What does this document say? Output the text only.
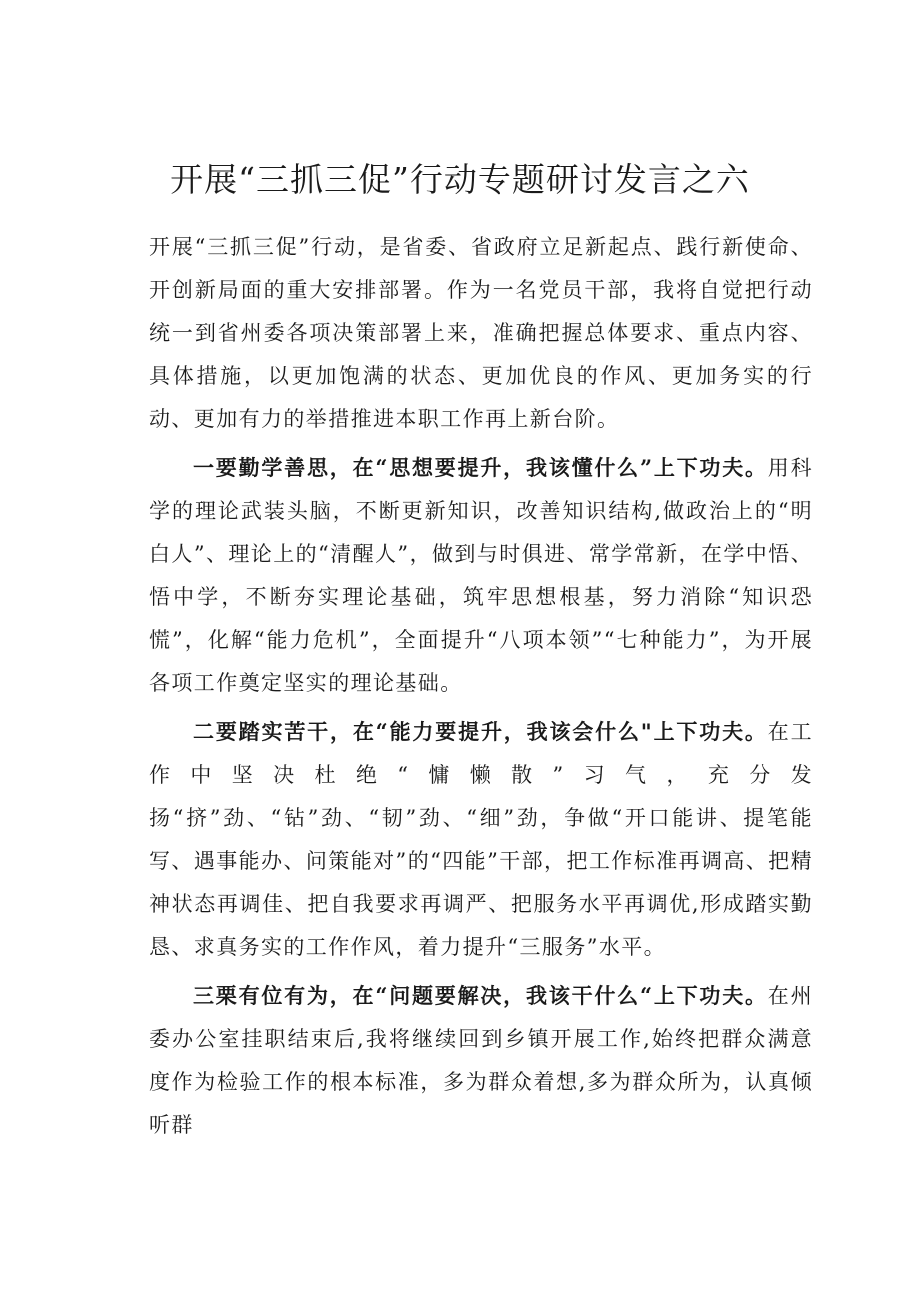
开展“三抓三促”行动专题研讨发言之六

开展“三抓三促”行动，是省委、省政府立足新起点、践行新使命、开创新局面的重大安排部署。作为一名党员干部，我将自觉把行动统一到省州委各项决策部署上来，准确把握总体要求、重点内容、具体措施，以更加饱满的状态、更加优良的作风、更加务实的行动、更加有力的举措推进本职工作再上新台阶。

一要勤学善思，在“思想要提升，我该懂什么”上下功夫。用科学的理论武装头脑，不断更新知识，改善知识结构,做政治上的“明白人”、理论上的“清醒人”，做到与时俱进、常学常新，在学中悟、悟中学，不断夯实理论基础，筑牢思想根基，努力消除“知识恐慌”，化解“能力危机”，全面提升“八项本领”“七种能力”，为开展各项工作奠定坚实的理论基础。

二要踏实苦干，在“能力要提升，我该会什么"上下功夫。在工作中坚决杜绝“慵懒散”习气，充分发扬“挤”劲、“钻”劲、“韧”劲、“细”劲，争做“开口能讲、提笔能写、遇事能办、问策能对”的“四能”干部，把工作标准再调高、把精神状态再调佳、把自我要求再调严、把服务水平再调优,形成踏实勤恳、求真务实的工作作风，着力提升“三服务”水平。

三栗有位有为，在“问题要解决，我该干什么“上下功夫。在州委办公室挂职结束后,我将继续回到乡镇开展工作,始终把群众满意度作为检验工作的根本标准，多为群众着想,多为群众所为，认真倾听群
